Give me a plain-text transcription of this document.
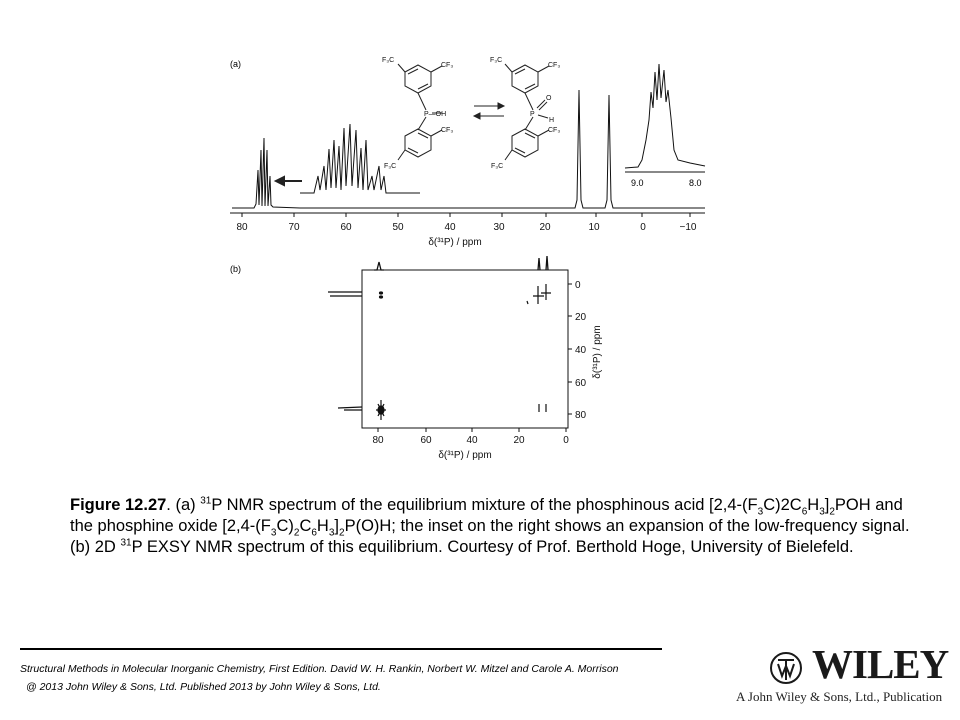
(a)	F₃C
CF₃
P—OH
CF₃
F₃C
F₃C
CF₃
O
P
H
CF₃
F₃C
9.0	8.0
80	70	60	50	40	30	20	10	0	−10
δ(³¹P) / ppm
(b)
80	60	40	20	0
δ(³¹P) / ppm
0
20
40
60
80
δ(³¹P) / ppm
Figure 12.27. (a) $^{31}$P NMR spectrum of the equilibrium mixture of the phosphinous acid $[2,4-(F_3C)2C_6H_3]_2POH$ and the phosphine oxide $[2,4-(F_3C)_2C_6H_3]_2P(O)H$; the inset on the right shows an expansion of the low-frequency signal. (b) 2D $^{31}$P EXSY NMR spectrum of this equilibrium. Courtesy of Prof. Berthold Hoge, University of Bielefeld.
Structural Methods in Molecular Inorganic Chemistry, First Edition. David W. H. Rankin, Norbert W. Mitzel and Carole A. Morrison
@ 2013 John Wiley & Sons, Ltd. Published 2013 by John Wiley & Sons, Ltd.	WILEY
A John Wiley & Sons, Ltd., Publication
